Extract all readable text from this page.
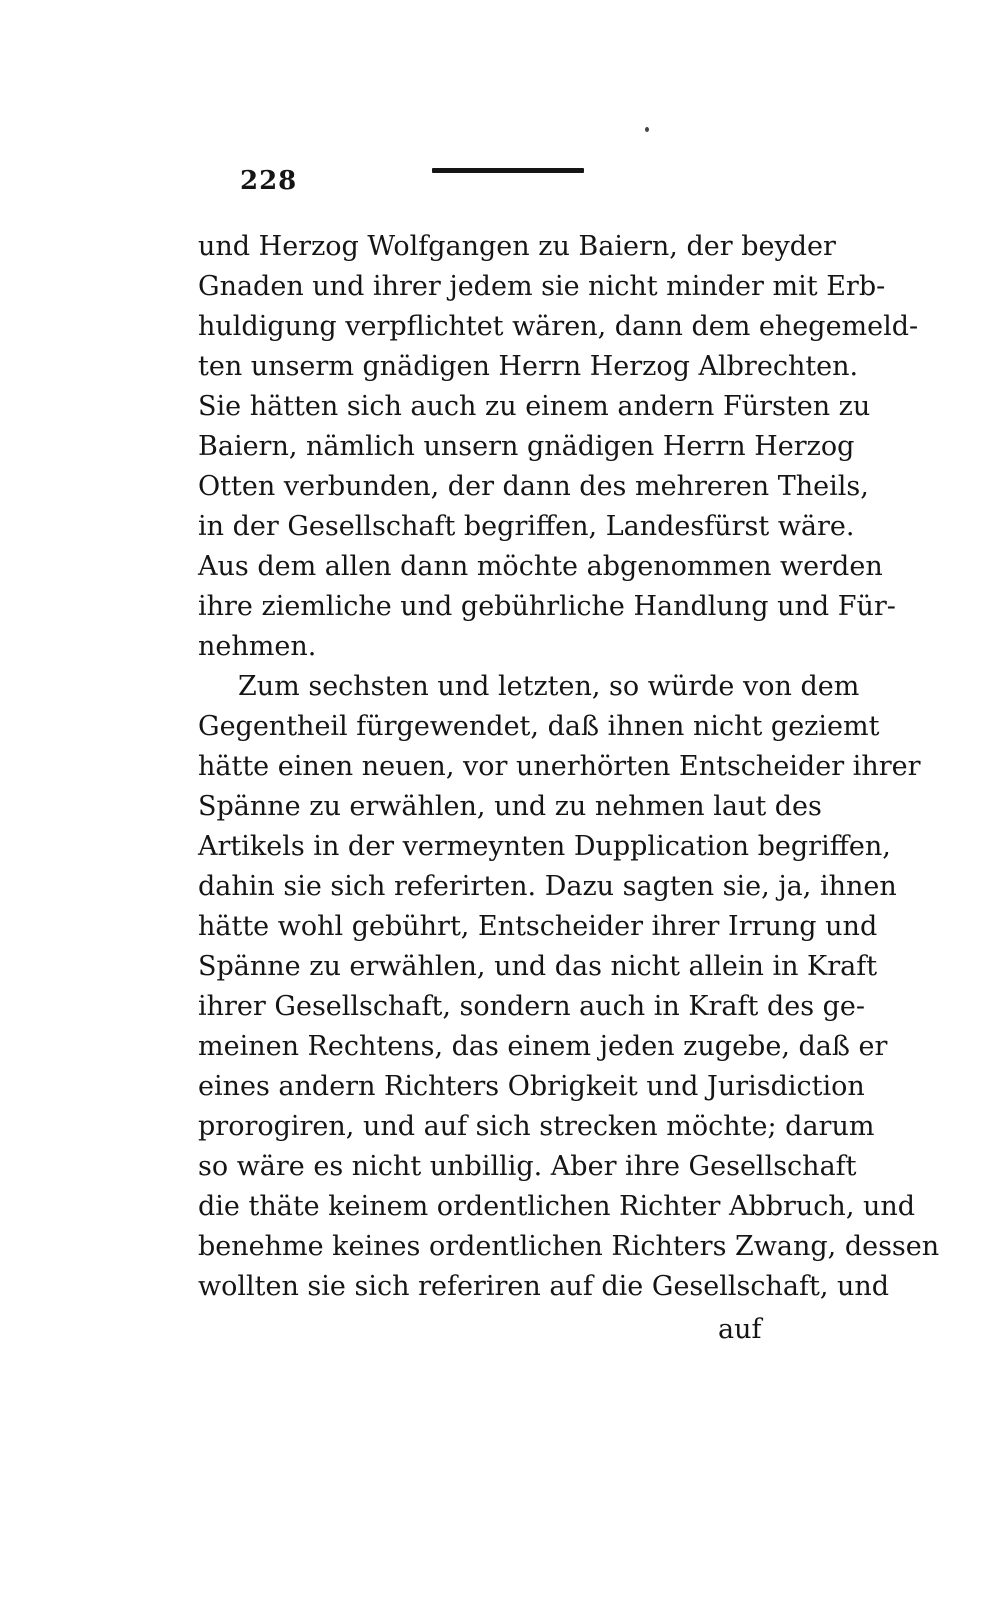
228
und Herzog Wolfgangen zu Baiern, der beyder
Gnaden und ihrer jedem sie nicht minder mit Erb-
huldigung verpflichtet wären, dann dem ehegemeld-
ten unserm gnädigen Herrn Herzog Albrechten.
Sie hätten sich auch zu einem andern Fürsten zu
Baiern, nämlich unsern gnädigen Herrn Herzog
Otten verbunden, der dann des mehreren Theils,
in der Gesellschaft begriffen, Landesfürst wäre.
Aus dem allen dann möchte abgenommen werden
ihre ziemliche und gebührliche Handlung und Für-
nehmen.
Zum sechsten und letzten, so würde von dem
Gegentheil fürgewendet, daß ihnen nicht geziemt
hätte einen neuen, vor unerhörten Entscheider ihrer
Spänne zu erwählen, und zu nehmen laut des
Artikels in der vermeynten Dupplication begriffen,
dahin sie sich referirten. Dazu sagten sie, ja, ihnen
hätte wohl gebührt, Entscheider ihrer Irrung und
Spänne zu erwählen, und das nicht allein in Kraft
ihrer Gesellschaft, sondern auch in Kraft des ge-
meinen Rechtens, das einem jeden zugebe, daß er
eines andern Richters Obrigkeit und Jurisdiction
prorogiren, und auf sich strecken möchte; darum
so wäre es nicht unbillig. Aber ihre Gesellschaft
die thäte keinem ordentlichen Richter Abbruch, und
benehme keines ordentlichen Richters Zwang, dessen
wollten sie sich referiren auf die Gesellschaft, und
auf
